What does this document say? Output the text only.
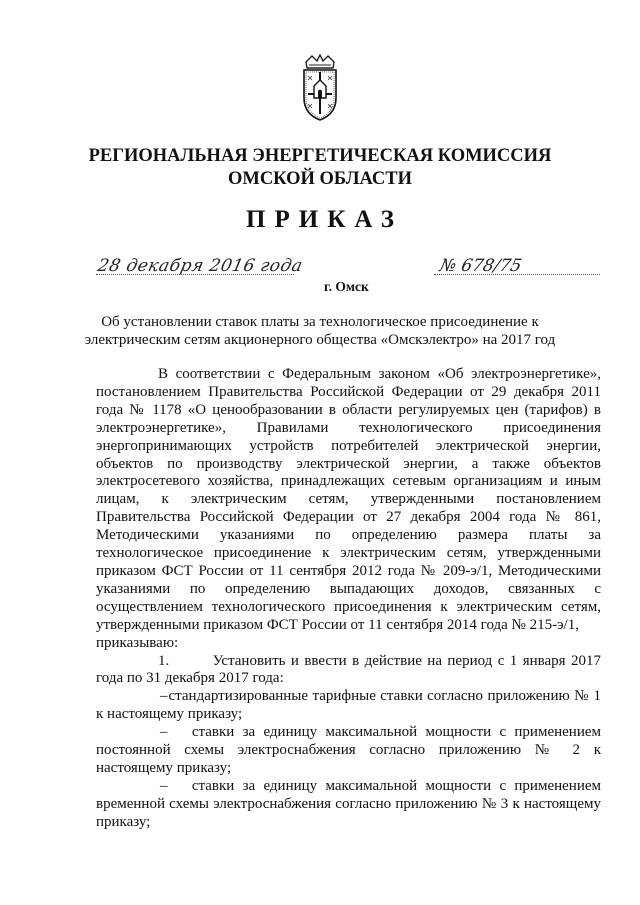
РЕГИОНАЛЬНАЯ ЭНЕРГЕТИЧЕСКАЯ КОМИССИЯ
ОМСКОЙ ОБЛАСТИ
ПРИКАЗ
28 декабря 2016 года	№ 678/75
г. Омск
Об установлении ставок платы за технологическое присоединение к
электрическим сетям акционерного общества «Омскэлектро» на 2017 год

В соответствии с Федеральным законом «Об электроэнергетике», постановлением Правительства Российской Федерации от 29 декабря 2011 года № 1178 «О ценообразовании в области регулируемых цен (тарифов) в электроэнергетике», Правилами технологического присоединения энергопринимающих устройств потребителей электрической энергии, объектов по производству электрической энергии, а также объектов электросетевого хозяйства, принадлежащих сетевым организациям и иным лицам, к электрическим сетям, утвержденными постановлением Правительства Российской Федерации от 27 декабря 2004 года № 861, Методическими указаниями по определению размера платы за технологическое присоединение к электрическим сетям, утвержденными приказом ФСТ России от 11 сентября 2012 года № 209-э/1, Методическими указаниями по определению выпадающих доходов, связанных с осуществлением технологического присоединения к электрическим сетям, утвержденными приказом ФСТ России от 11 сентября 2014 года № 215-э/1,

приказываю:

1.	Установить и ввести в действие на период с 1 января 2017 года по 31 декабря 2017 года:

–      стандартизированные тарифные ставки согласно приложению № 1 к настоящему приказу;

– ставки за единицу максимальной мощности с применением постоянной схемы электроснабжения согласно приложению № 2 к настоящему приказу;

– ставки за единицу максимальной мощности с применением временной схемы электроснабжения согласно приложению № 3 к настоящему приказу;
